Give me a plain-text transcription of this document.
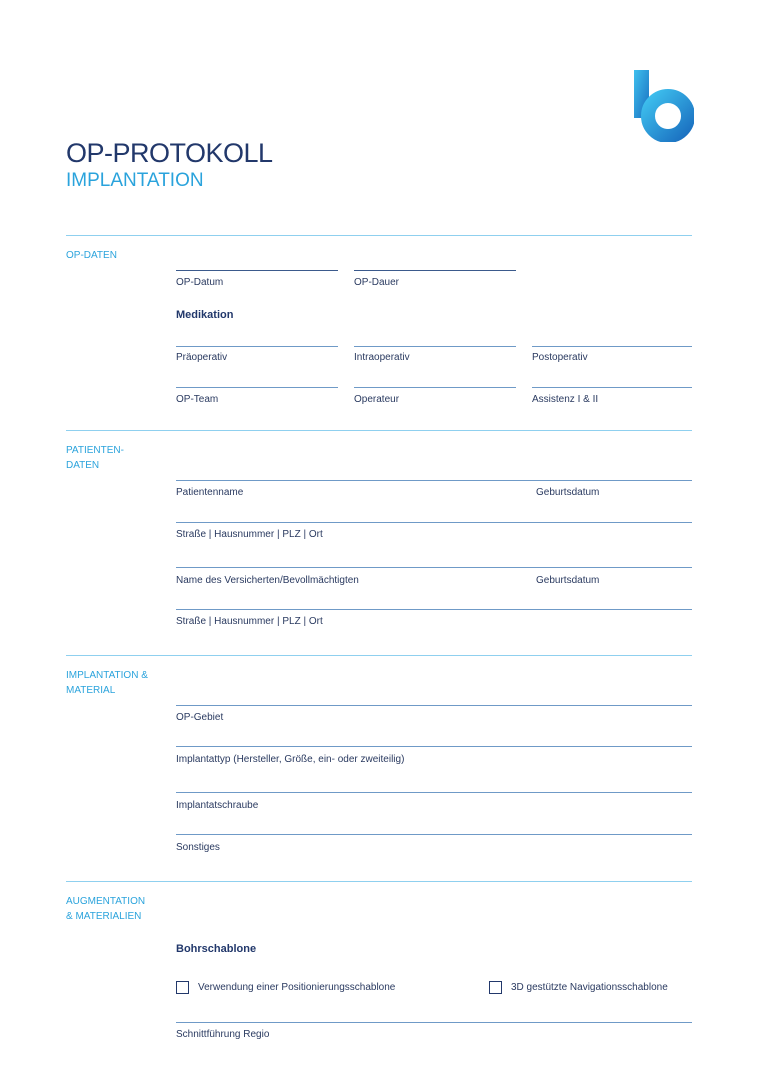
OP-PROTOKOLL
IMPLANTATION
OP-DATEN
OP-Datum	OP-Dauer
Medikation
Präoperativ	Intraoperativ	Postoperativ
OP-Team	Operateur	Assistenz I & II
PATIENTEN-
DATEN
Patientenname	Geburtsdatum
Straße | Hausnummer | PLZ | Ort
Name des Versicherten/Bevollmächtigten	Geburtsdatum
Straße | Hausnummer | PLZ | Ort
IMPLANTATION &
MATERIAL
OP-Gebiet
Implantattyp (Hersteller, Größe, ein- oder zweiteilig)
Implantatschraube
Sonstiges
AUGMENTATION
& MATERIALIEN
Bohrschablone
Verwendung einer Positionierungsschablone	3D gestützte Navigationsschablone
Schnittführung Regio
